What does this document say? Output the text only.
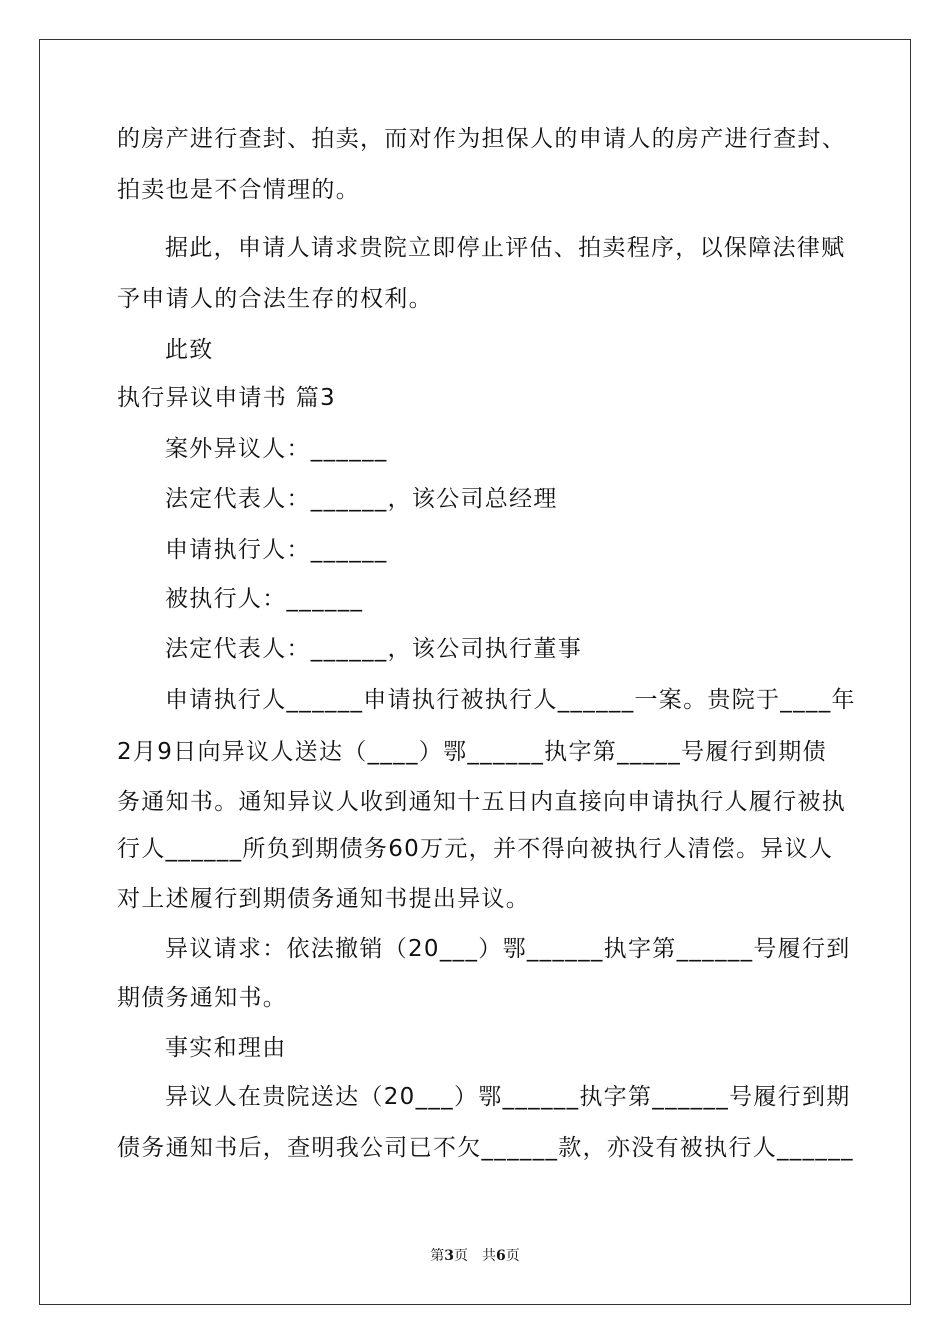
的房产进行查封、拍卖，而对作为担保人的申请人的房产进行查封、
拍卖也是不合情理的。
据此，申请人请求贵院立即停止评估、拍卖程序，以保障法律赋
予申请人的合法生存的权利。
此致
执行异议申请书 篇3
案外异议人：______
法定代表人：______，该公司总经理
申请执行人：______
被执行人：______
法定代表人：______，该公司执行董事
申请执行人______申请执行被执行人______一案。贵院于____年
2月9日向异议人送达（____）鄂______执字第_____号履行到期债
务通知书。通知异议人收到通知十五日内直接向申请执行人履行被执
行人______所负到期债务60万元，并不得向被执行人清偿。异议人
对上述履行到期债务通知书提出异议。
异议请求：依法撤销（20___）鄂______执字第______号履行到
期债务通知书。
事实和理由
异议人在贵院送达（20___）鄂______执字第______号履行到期
债务通知书后，查明我公司已不欠______款，亦没有被执行人______
第3页　共6页
